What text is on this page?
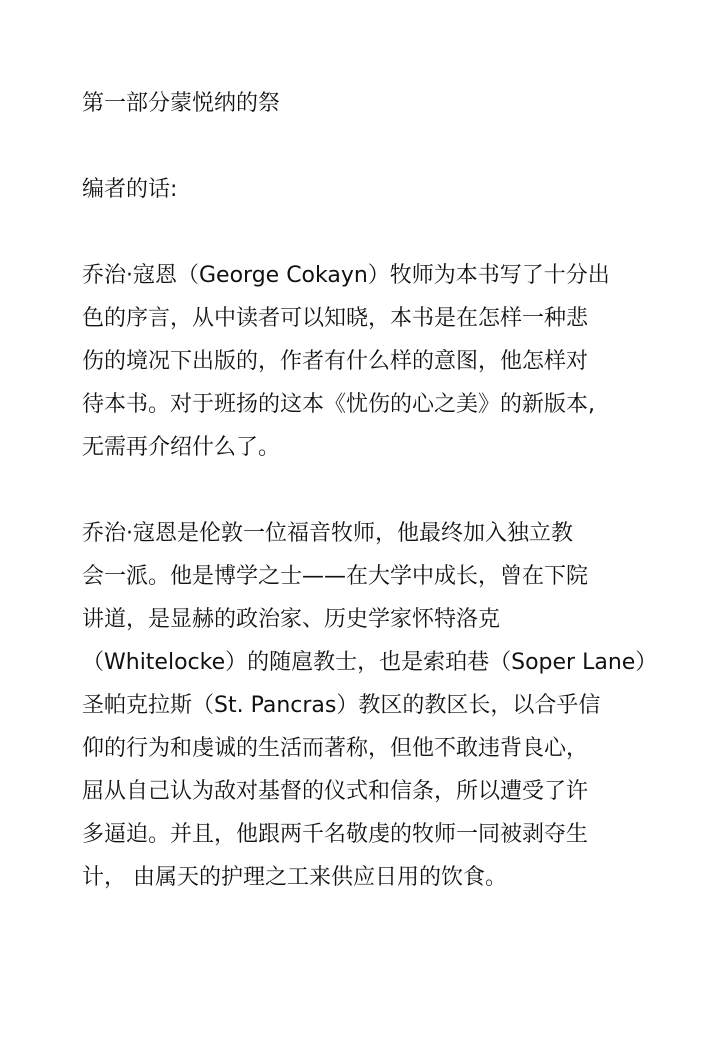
第一部分蒙悦纳的祭
编者的话:
乔治·寇恩（George Cokayn）牧师为本书写了十分出
色的序言，从中读者可以知晓，本书是在怎样一种悲
伤的境况下出版的，作者有什么样的意图，他怎样对
待本书。对于班扬的这本《忧伤的心之美》的新版本,
无需再介绍什么了。
乔治·寇恩是伦敦一位福音牧师，他最终加入独立教
会一派。他是博学之士——在大学中成长，曾在下院
讲道，是显赫的政治家、历史学家怀特洛克
（Whitelocke）的随扈教士，也是索珀巷（Soper Lane）
圣帕克拉斯（St. Pancras）教区的教区长，以合乎信
仰的行为和虔诚的生活而著称，但他不敢违背良心，
屈从自己认为敌对基督的仪式和信条，所以遭受了许
多逼迫。并且，他跟两千名敬虔的牧师一同被剥夺生
计， 由属天的护理之工来供应日用的饮食。
